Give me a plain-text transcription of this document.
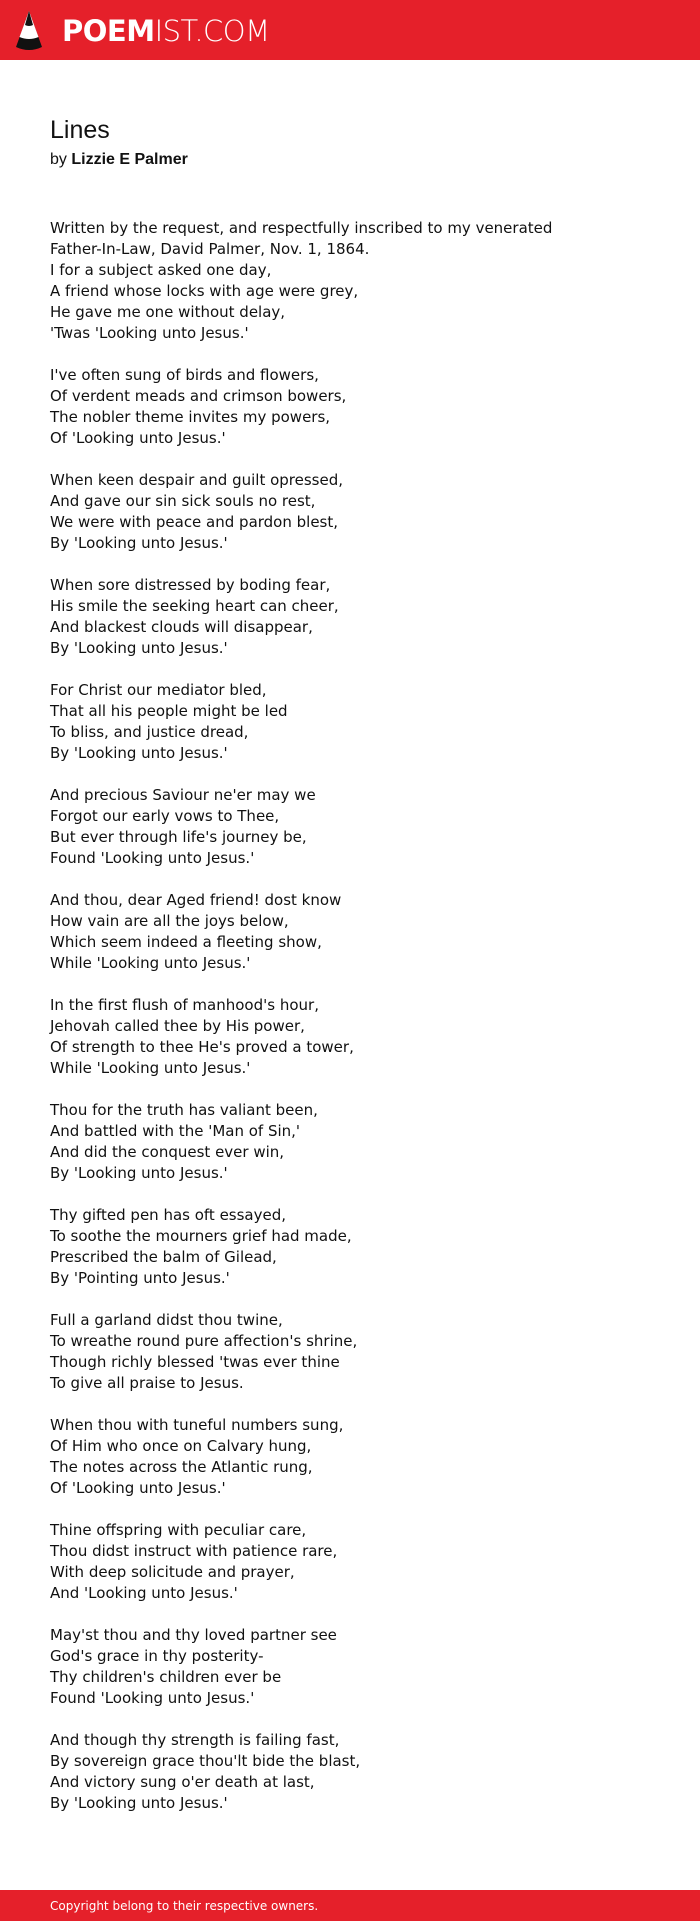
POEMIST.COM
Lines
by Lizzie E Palmer
Written by the request, and respectfully inscribed to my venerated
Father-In-Law, David Palmer, Nov. 1, 1864.
I for a subject asked one day,
A friend whose locks with age were grey,
He gave me one without delay,
'Twas 'Looking unto Jesus.'
I've often sung of birds and flowers,
Of verdent meads and crimson bowers,
The nobler theme invites my powers,
Of 'Looking unto Jesus.'
When keen despair and guilt opressed,
And gave our sin sick souls no rest,
We were with peace and pardon blest,
By 'Looking unto Jesus.'
When sore distressed by boding fear,
His smile the seeking heart can cheer,
And blackest clouds will disappear,
By 'Looking unto Jesus.'
For Christ our mediator bled,
That all his people might be led
To bliss, and justice dread,
By 'Looking unto Jesus.'
And precious Saviour ne'er may we
Forgot our early vows to Thee,
But ever through life's journey be,
Found 'Looking unto Jesus.'
And thou, dear Aged friend! dost know
How vain are all the joys below,
Which seem indeed a fleeting show,
While 'Looking unto Jesus.'
In the first flush of manhood's hour,
Jehovah called thee by His power,
Of strength to thee He's proved a tower,
While 'Looking unto Jesus.'
Thou for the truth has valiant been,
And battled with the 'Man of Sin,'
And did the conquest ever win,
By 'Looking unto Jesus.'
Thy gifted pen has oft essayed,
To soothe the mourners grief had made,
Prescribed the balm of Gilead,
By 'Pointing unto Jesus.'
Full a garland didst thou twine,
To wreathe round pure affection's shrine,
Though richly blessed 'twas ever thine
To give all praise to Jesus.
When thou with tuneful numbers sung,
Of Him who once on Calvary hung,
The notes across the Atlantic rung,
Of 'Looking unto Jesus.'
Thine offspring with peculiar care,
Thou didst instruct with patience rare,
With deep solicitude and prayer,
And 'Looking unto Jesus.'
May'st thou and thy loved partner see
God's grace in thy posterity-
Thy children's children ever be
Found 'Looking unto Jesus.'
And though thy strength is failing fast,
By sovereign grace thou'lt bide the blast,
And victory sung o'er death at last,
By 'Looking unto Jesus.'
Copyright belong to their respective owners.
